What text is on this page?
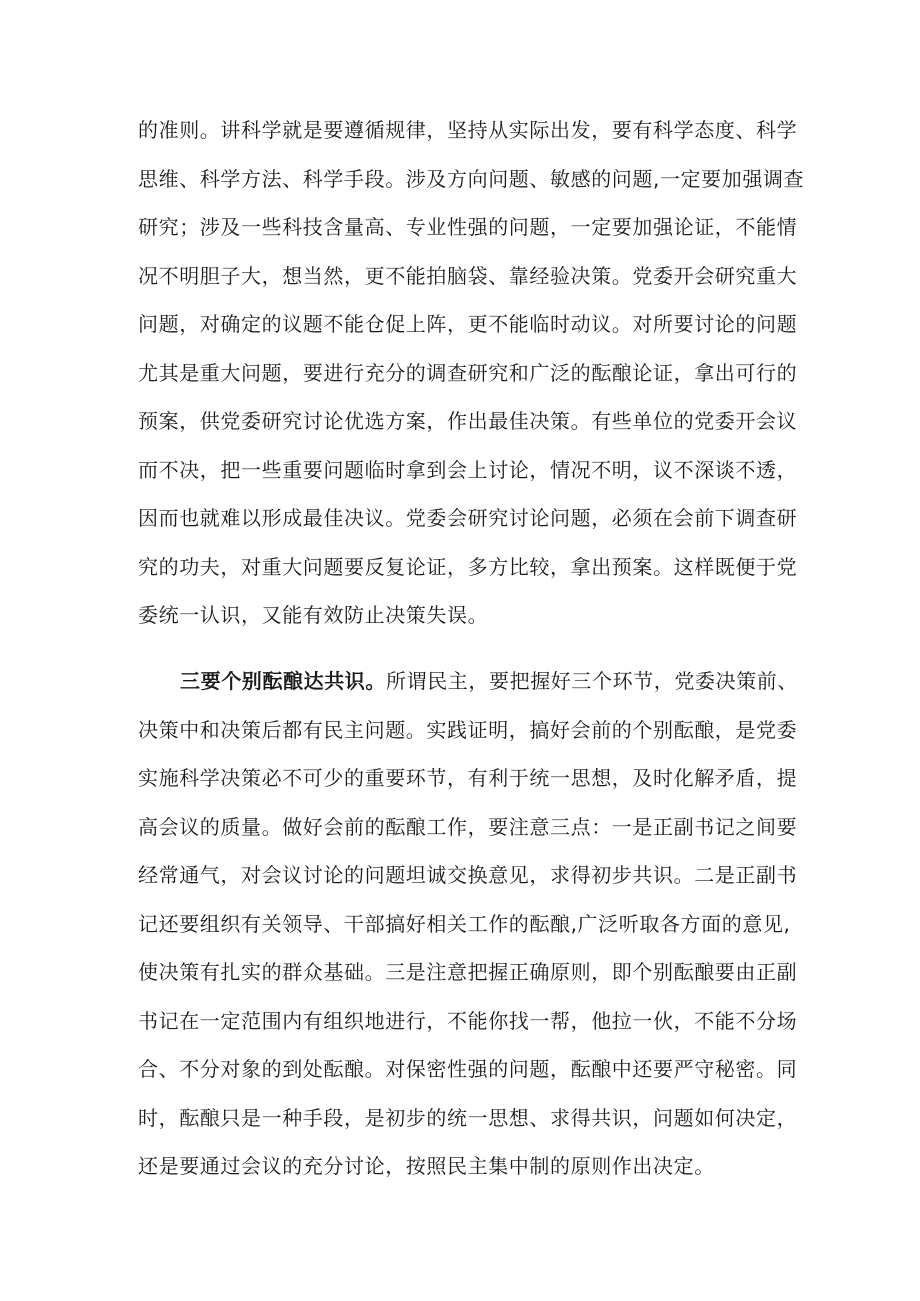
的准则。讲科学就是要遵循规律，坚持从实际出发，要有科学态度、科学
思维、科学方法、科学手段。涉及方向问题、敏感的问题,一定要加强调查
研究；涉及一些科技含量高、专业性强的问题，一定要加强论证，不能情
况不明胆子大，想当然，更不能拍脑袋、靠经验决策。党委开会研究重大
问题，对确定的议题不能仓促上阵，更不能临时动议。对所要讨论的问题
尤其是重大问题，要进行充分的调查研究和广泛的酝酿论证，拿出可行的
预案，供党委研究讨论优选方案，作出最佳决策。有些单位的党委开会议
而不决，把一些重要问题临时拿到会上讨论，情况不明，议不深谈不透，
因而也就难以形成最佳决议。党委会研究讨论问题，必须在会前下调查研
究的功夫，对重大问题要反复论证，多方比较，拿出预案。这样既便于党
委统一认识，又能有效防止决策失误。
三要个别酝酿达共识。所谓民主，要把握好三个环节，党委决策前、
决策中和决策后都有民主问题。实践证明，搞好会前的个别酝酿，是党委
实施科学决策必不可少的重要环节，有利于统一思想，及时化解矛盾，提
高会议的质量。做好会前的酝酿工作，要注意三点：一是正副书记之间要
经常通气，对会议讨论的问题坦诚交换意见，求得初步共识。二是正副书
记还要组织有关领导、干部搞好相关工作的酝酿,广泛听取各方面的意见,
使决策有扎实的群众基础。三是注意把握正确原则，即个别酝酿要由正副
书记在一定范围内有组织地进行，不能你找一帮，他拉一伙，不能不分场
合、不分对象的到处酝酿。对保密性强的问题，酝酿中还要严守秘密。同
时，酝酿只是一种手段，是初步的统一思想、求得共识，问题如何决定，
还是要通过会议的充分讨论，按照民主集中制的原则作出决定。
